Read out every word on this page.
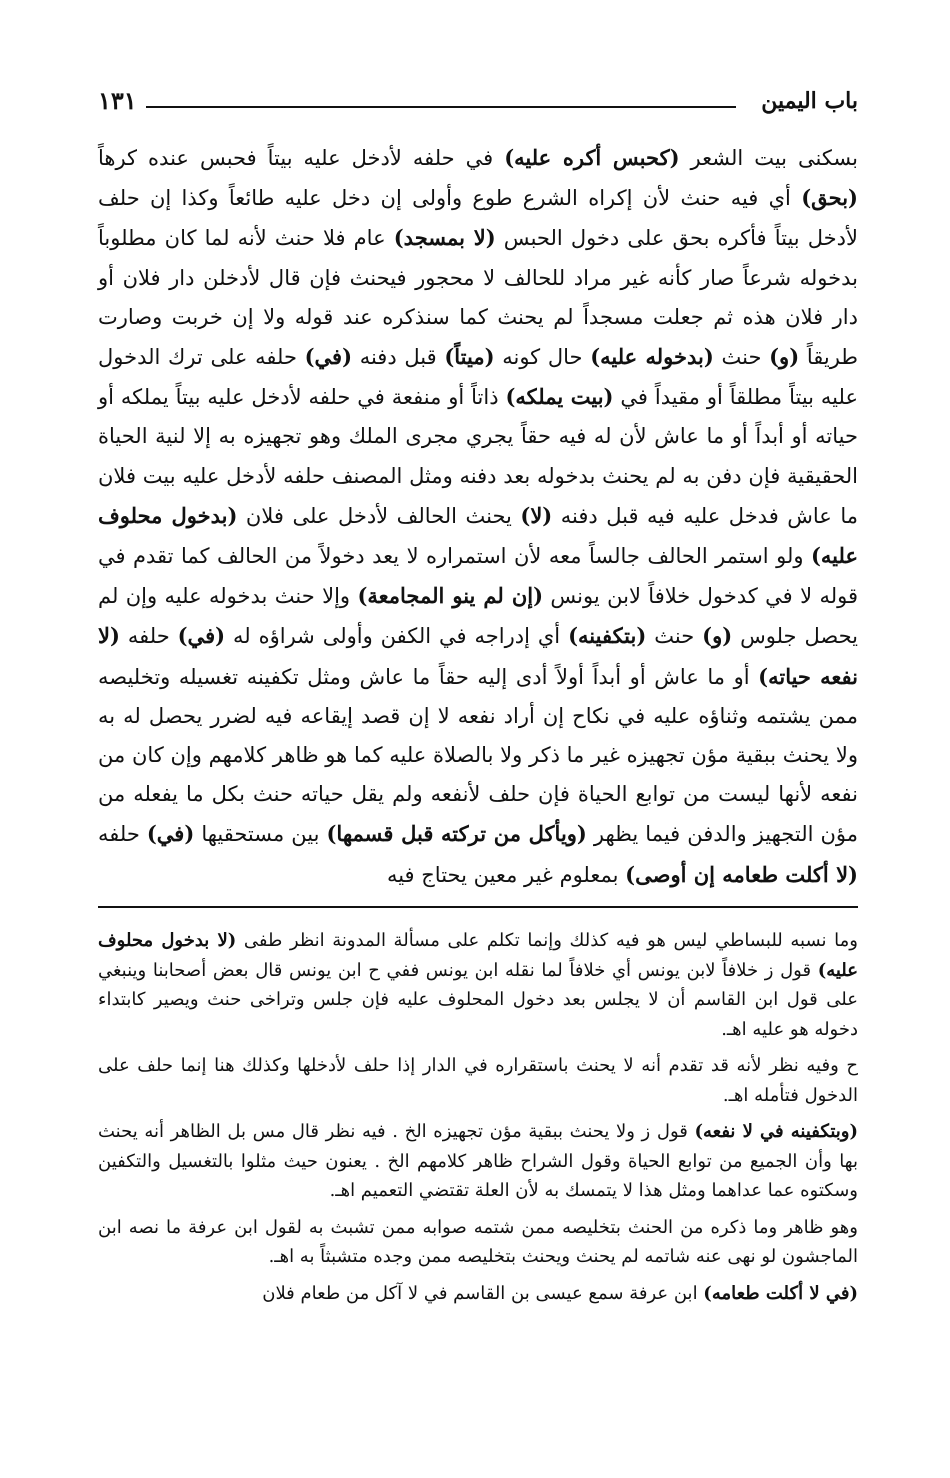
باب اليمين
١٣١

بسكنى بيت الشعر (كحبس أكره عليه) في حلفه لأدخل عليه بيتاً فحبس عنده كرهاً (بحق) أي فيه حنث لأن إكراه الشرع طوع وأولى إن دخل عليه طائعاً وكذا إن حلف لأدخل بيتاً فأكره بحق على دخول الحبس (لا بمسجد) عام فلا حنث لأنه لما كان مطلوباً بدخوله شرعاً صار كأنه غير مراد للحالف لا محجور فيحنث فإن قال لأدخلن دار فلان أو دار فلان هذه ثم جعلت مسجداً لم يحنث كما سنذكره عند قوله ولا إن خربت وصارت طريقاً (و) حنث (بدخوله عليه) حال كونه (ميتاً) قبل دفنه (في) حلفه على ترك الدخول عليه بيتاً مطلقاً أو مقيداً في (بيت يملكه) ذاتاً أو منفعة في حلفه لأدخل عليه بيتاً يملكه أو حياته أو أبداً أو ما عاش لأن له فيه حقاً يجري مجرى الملك وهو تجهيزه به إلا لنية الحياة الحقيقية فإن دفن به لم يحنث بدخوله بعد دفنه ومثل المصنف حلفه لأدخل عليه بيت فلان ما عاش فدخل عليه فيه قبل دفنه (لا) يحنث الحالف لأدخل على فلان (بدخول محلوف عليه) ولو استمر الحالف جالساً معه لأن استمراره لا يعد دخولاً من الحالف كما تقدم في قوله لا في كدخول خلافاً لابن يونس (إن لم ينو المجامعة) وإلا حنث بدخوله عليه وإن لم يحصل جلوس (و) حنث (بتكفينه) أي إدراجه في الكفن وأولى شراؤه له (في) حلفه (لا نفعه حياته) أو ما عاش أو أبداً أولاً أدى إليه حقاً ما عاش ومثل تكفينه تغسيله وتخليصه ممن يشتمه وثناؤه عليه في نكاح إن أراد نفعه لا إن قصد إيقاعه فيه لضرر يحصل له به ولا يحنث ببقية مؤن تجهيزه غير ما ذكر ولا بالصلاة عليه كما هو ظاهر كلامهم وإن كان من نفعه لأنها ليست من توابع الحياة فإن حلف لأنفعه ولم يقل حياته حنث بكل ما يفعله من مؤن التجهيز والدفن فيما يظهر (ويأكل من تركته قبل قسمها) بين مستحقيها (في) حلفه (لا أكلت طعامه إن أوصى) بمعلوم غير معين يحتاج فيه

وما نسبه للبساطي ليس هو فيه كذلك وإنما تكلم على مسألة المدونة انظر طفى (لا بدخول محلوف عليه) قول ز خلافاً لابن يونس أي خلافاً لما نقله ابن يونس ففي ح ابن يونس قال بعض أصحابنا وينبغي على قول ابن القاسم أن لا يجلس بعد دخول المحلوف عليه فإن جلس وتراخى حنث ويصير كابتداء دخوله هو عليه اهـ.

ح وفيه نظر لأنه قد تقدم أنه لا يحنث باستقراره في الدار إذا حلف لأدخلها وكذلك هنا إنما حلف على الدخول فتأمله اهـ.

(وبتكفينه في لا نفعه) قول ز ولا يحنث ببقية مؤن تجهيزه الخ . فيه نظر قال مس بل الظاهر أنه يحنث بها وأن الجميع من توابع الحياة وقول الشراح ظاهر كلامهم الخ . يعنون حيث مثلوا بالتغسيل والتكفين وسكتوه عما عداهما ومثل هذا لا يتمسك به لأن العلة تقتضي التعميم اهـ.

وهو ظاهر وما ذكره من الحنث بتخليصه ممن شتمه صوابه ممن تشبث به لقول ابن عرفة ما نصه ابن الماجشون لو نهى عنه شاتمه لم يحنث ويحنث بتخليصه ممن وجده متشبثاً به اهـ.

(في لا أكلت طعامه) ابن عرفة سمع عيسى بن القاسم في لا آكل من طعام فلان
